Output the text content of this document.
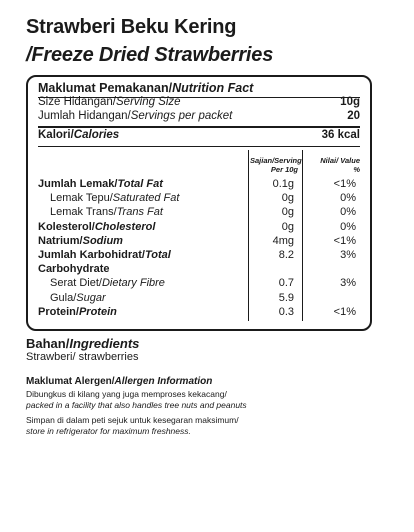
Strawberi Beku Kering
/Freeze Dried Strawberries
Maklumat Pemakanan/Nutrition Fact
Size Hidangan/Serving Size	10g
Jumlah Hidangan/Servings per packet	20
Kalori/Calories	36 kcal
Sajian/Serving
Per 10g
Nilai/ Value
%
Jumlah Lemak/Total Fat	0.1g	<1%
Lemak Tepu/Saturated Fat	0g	0%
Lemak Trans/Trans Fat	0g	0%
Kolesterol/Cholesterol	0g	0%
Natrium/Sodium	4mg	<1%
Jumlah Karbohidrat/Total	8.2	3%
Carbohydrate
Serat Diet/Dietary Fibre	0.7	3%
Gula/Sugar	5.9
Protein/Protein	0.3	<1%
Bahan/Ingredients
Strawberi/ strawberries
Maklumat Alergen/Allergen Information
Dibungkus di kilang yang juga memproses kekacang/
packed in a facility that also handles tree nuts and peanuts
Simpan di dalam peti sejuk untuk kesegaran maksimum/
store in refrigerator for maximum freshness.
